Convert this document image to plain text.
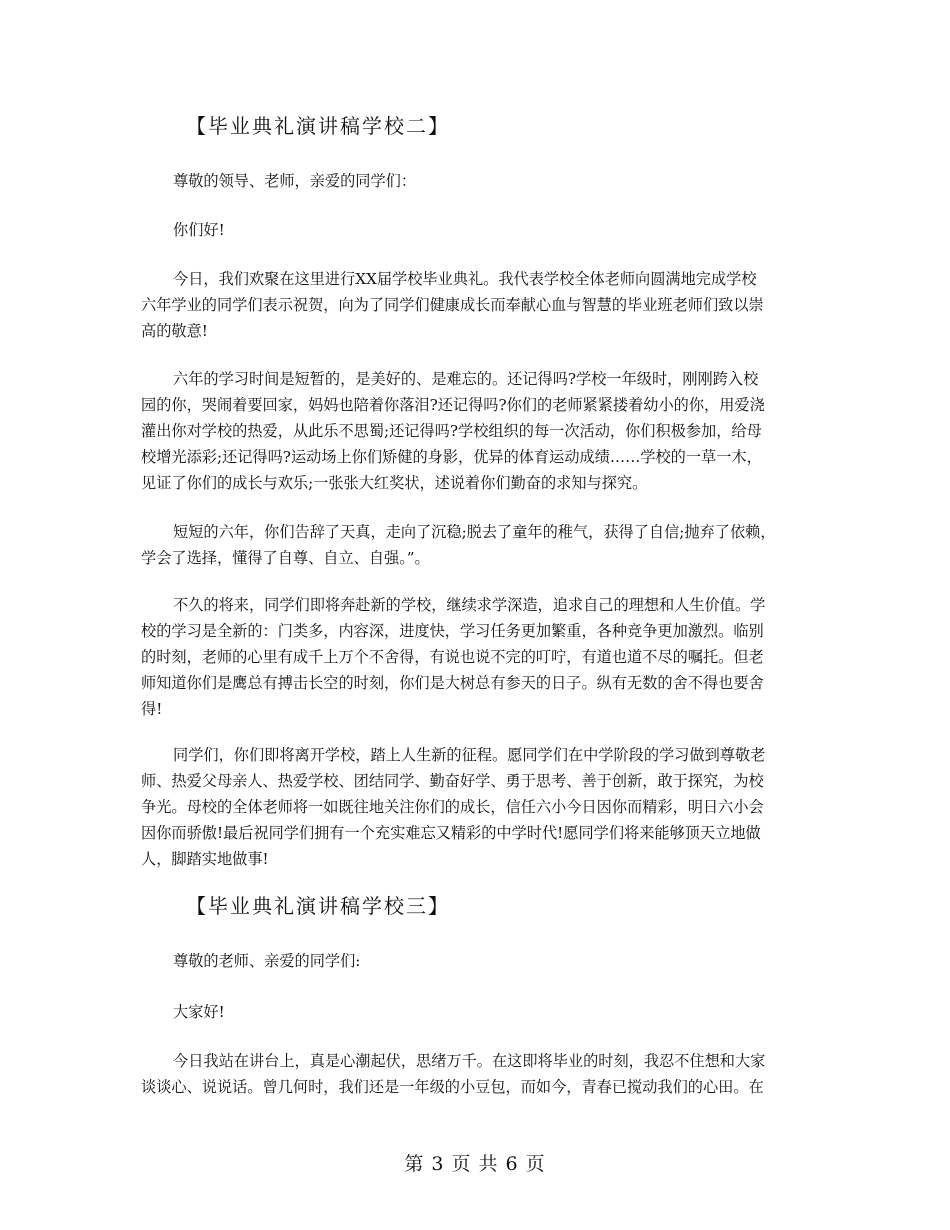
【毕业典礼演讲稿学校二】
尊敬的领导、老师，亲爱的同学们：
你们好!
今日，我们欢聚在这里进行XX届学校毕业典礼。我代表学校全体老师向圆满地完成学校
六年学业的同学们表示祝贺，向为了同学们健康成长而奉献心血与智慧的毕业班老师们致以崇
高的敬意!
六年的学习时间是短暂的，是美好的、是难忘的。还记得吗?学校一年级时，刚刚跨入校
园的你，哭闹着要回家，妈妈也陪着你落泪?还记得吗?你们的老师紧紧搂着幼小的你，用爱浇
灌出你对学校的热爱，从此乐不思蜀;还记得吗?学校组织的每一次活动，你们积极参加，给母
校增光添彩;还记得吗?运动场上你们矫健的身影，优异的体育运动成绩……学校的一草一木，
见证了你们的成长与欢乐;一张张大红奖状，述说着你们勤奋的求知与探究。
短短的六年，你们告辞了天真，走向了沉稳;脱去了童年的稚气，获得了自信;抛弃了依赖，
学会了选择，懂得了自尊、自立、自强。”。
不久的将来，同学们即将奔赴新的学校，继续求学深造，追求自己的理想和人生价值。学
校的学习是全新的：门类多，内容深，进度快，学习任务更加繁重，各种竞争更加激烈。临别
的时刻，老师的心里有成千上万个不舍得，有说也说不完的叮咛，有道也道不尽的嘱托。但老
师知道你们是鹰总有搏击长空的时刻，你们是大树总有参天的日子。纵有无数的舍不得也要舍
得!
同学们，你们即将离开学校，踏上人生新的征程。愿同学们在中学阶段的学习做到尊敬老
师、热爱父母亲人、热爱学校、团结同学、勤奋好学、勇于思考、善于创新，敢于探究，为校
争光。母校的全体老师将一如既往地关注你们的成长，信任六小今日因你而精彩，明日六小会
因你而骄傲!最后祝同学们拥有一个充实难忘又精彩的中学时代!愿同学们将来能够顶天立地做
人，脚踏实地做事!
【毕业典礼演讲稿学校三】
尊敬的老师、亲爱的同学们:
大家好!
今日我站在讲台上，真是心潮起伏，思绪万千。在这即将毕业的时刻，我忍不住想和大家
谈谈心、说说话。曾几何时，我们还是一年级的小豆包，而如今，青春已搅动我们的心田。在
第 3 页 共 6 页
